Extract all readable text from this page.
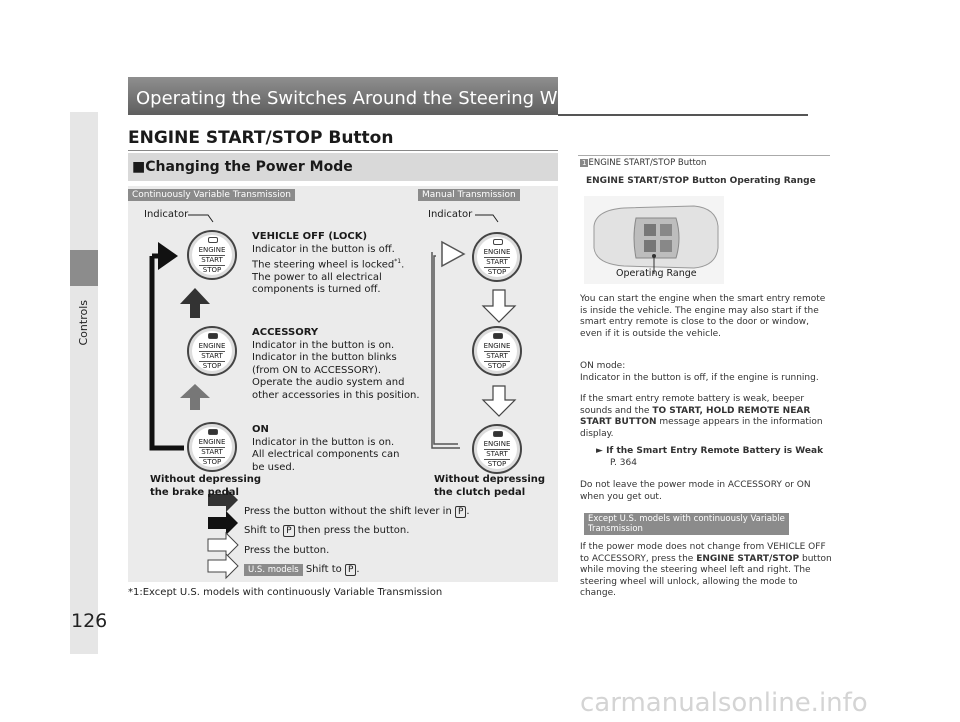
Controls
126
Operating the Switches Around the Steering Wheel
ENGINE START/STOP Button
■Changing the Power Mode
Continuously Variable Transmission	Manual Transmission
Indicator	Indicator
ENGINE
START
STOP
ENGINE
START
STOP
ENGINE
START
STOP
ENGINE
START
STOP
ENGINE
START
STOP
ENGINE
START
STOP
VEHICLE OFF (LOCK)
Indicator in the button is off.
The steering wheel is locked$^{*1}$.
The power to all electrical
components is turned off.
ACCESSORY
Indicator in the button is on.
Indicator in the button blinks
(from ON to ACCESSORY).
Operate the audio system and
other accessories in this position.
ON
Indicator in the button is on.
All electrical components can
be used.
Without depressing
the brake pedal
Without depressing
the clutch pedal
Press the button without the shift lever in P .
Shift to P then press the button.
Press the button.
U.S. models Shift to P .
*1:Except U.S. models with continuously Variable Transmission
1 ENGINE START/STOP Button
ENGINE START/STOP Button Operating Range
Operating Range
You can start the engine when the smart entry remote is inside the vehicle. The engine may also start if the smart entry remote is close to the door or window, even if it is outside the vehicle.
ON mode:
Indicator in the button is off, if the engine is running.
If the smart entry remote battery is weak, beeper sounds and the TO START, HOLD REMOTE NEAR START BUTTON message appears in the information display.
► If the Smart Entry Remote Battery is Weak
P. 364
Do not leave the power mode in ACCESSORY or ON when you get out.
Except U.S. models with continuously Variable
Transmission
If the power mode does not change from VEHICLE OFF to ACCESSORY, press the ENGINE START/STOP button while moving the steering wheel left and right. The steering wheel will unlock, allowing the mode to change.
carmanualsonline.info
